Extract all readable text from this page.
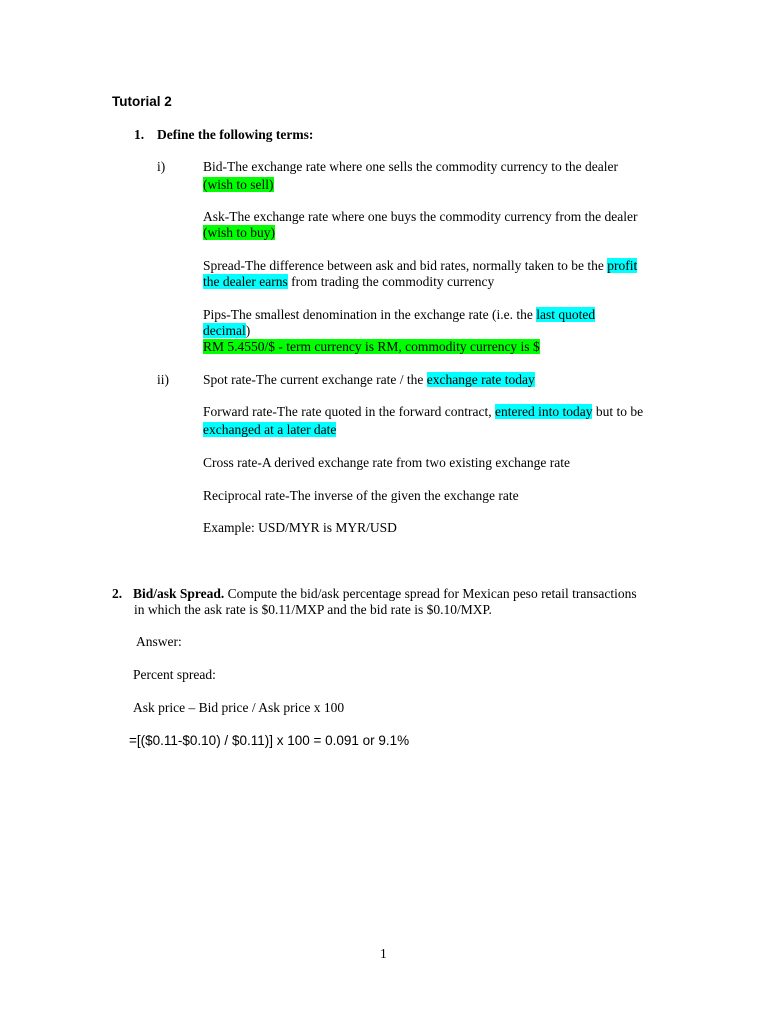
Tutorial 2
1. Define the following terms:
i)	Bid-The exchange rate where one sells the commodity currency to the dealer
(wish to sell)
Ask-The exchange rate where one buys the commodity currency from the dealer
(wish to buy)
Spread-The difference between ask and bid rates, normally taken to be the profit
the dealer earns from trading the commodity currency
Pips-The smallest denomination in the exchange rate (i.e. the last quoted
decimal)
RM 5.4550/$ - term currency is RM, commodity currency is $
ii)	Spot rate-The current exchange rate / the exchange rate today
Forward rate-The rate quoted in the forward contract, entered into today but to be
exchanged at a later date
Cross rate-A derived exchange rate from two existing exchange rate
Reciprocal rate-The inverse of the given the exchange rate
Example: USD/MYR is MYR/USD
2. Bid/ask Spread. Compute the bid/ask percentage spread for Mexican peso retail transactions
in which the ask rate is $0.11/MXP and the bid rate is $0.10/MXP.
Answer:
Percent spread:
Ask price – Bid price / Ask price x 100
=[($0.11-$0.10) / $0.11)] x 100 = 0.091 or 9.1%
1
